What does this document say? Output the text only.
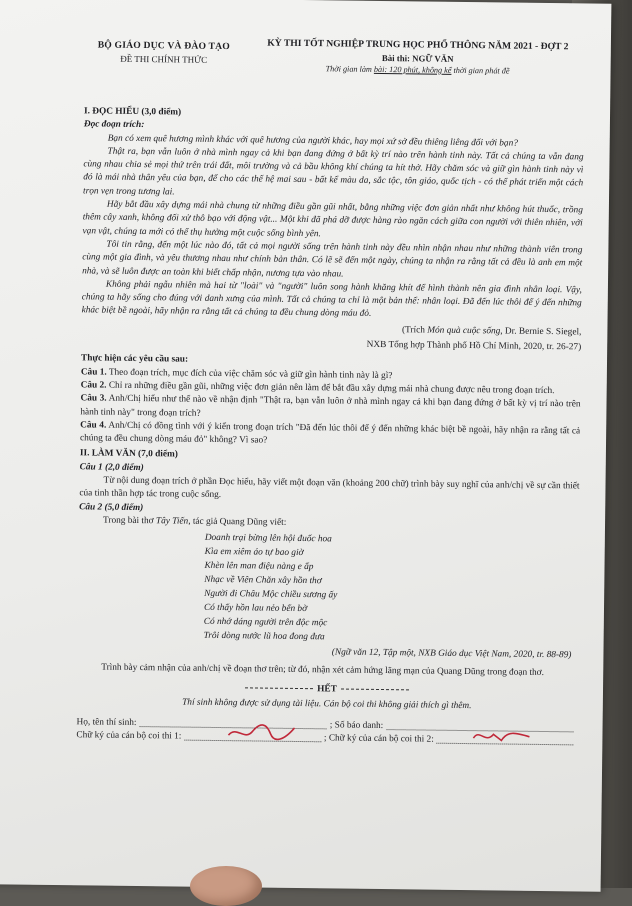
BỘ GIÁO DỤC VÀ ĐÀO TẠO
ĐỀ THI CHÍNH THỨC
KỲ THI TỐT NGHIỆP TRUNG HỌC PHỔ THÔNG NĂM 2021 - ĐỢT 2
Bài thi: NGỮ VĂN
Thời gian làm bài: 120 phút, không kể thời gian phát đề
I. ĐỌC HIỂU (3,0 điểm)
Đọc đoạn trích:

Bạn có xem quê hương mình khác với quê hương của người khác, hay mọi xứ sở đều thiêng liêng đối với bạn?

Thật ra, bạn vẫn luôn ở nhà mình ngay cả khi bạn đang đứng ở bất kỳ trí nào trên hành tinh này. Tất cả chúng ta vẫn đang cùng nhau chia sẻ mọi thứ trên trái đất, môi trường và cả bầu không khí chúng ta hít thở. Hãy chăm sóc và giữ gìn hành tinh này vì đó là mái nhà thân yêu của bạn, để cho các thế hệ mai sau - bất kể màu da, sắc tộc, tôn giáo, quốc tịch - có thể phát triển một cách trọn vẹn trong tương lai.

Hãy bắt đầu xây dựng mái nhà chung từ những điều gần gũi nhất, bằng những việc đơn giản nhất như không hút thuốc, trồng thêm cây xanh, không đối xử thô bạo với động vật... Một khi đã phá dỡ được hàng rào ngăn cách giữa con người với thiên nhiên, với vạn vật, chúng ta mới có thể thụ hưởng một cuộc sống bình yên.

Tôi tin rằng, đến một lúc nào đó, tất cả mọi người sống trên hành tinh này đều nhìn nhận nhau như những thành viên trong cùng một gia đình, và yêu thương nhau như chính bản thân. Có lẽ sẽ đến một ngày, chúng ta nhận ra rằng tất cả đều là anh em một nhà, và sẽ luôn được an toàn khi biết chấp nhận, nương tựa vào nhau.

Không phải ngẫu nhiên mà hai từ "loài" và "người" luôn song hành khăng khít để hình thành nên gia đình nhân loại. Vậy, chúng ta hãy sống cho đúng với danh xưng của mình. Tất cả chúng ta chỉ là một bản thể: nhân loại. Đã đến lúc thôi để ý đến những khác biệt bề ngoài, hãy nhận ra rằng tất cả chúng ta đều chung dòng máu đỏ.

(Trích Món quà cuộc sống, Dr. Bernie S. Siegel,
NXB Tổng hợp Thành phố Hồ Chí Minh, 2020, tr. 26-27)
Thực hiện các yêu cầu sau:

Câu 1. Theo đoạn trích, mục đích của việc chăm sóc và giữ gìn hành tinh này là gì?

Câu 2. Chỉ ra những điều gần gũi, những việc đơn giản nên làm để bắt đầu xây dựng mái nhà chung được nêu trong đoạn trích.

Câu 3. Anh/Chị hiểu như thế nào về nhận định "Thật ra, bạn vẫn luôn ở nhà mình ngay cả khi bạn đang đứng ở bất kỳ vị trí nào trên hành tinh này" trong đoạn trích?

Câu 4. Anh/Chị có đồng tình với ý kiến trong đoạn trích "Đã đến lúc thôi để ý đến những khác biệt bề ngoài, hãy nhận ra rằng tất cả chúng ta đều chung dòng máu đỏ" không? Vì sao?

II. LÀM VĂN (7,0 điểm)
Câu 1 (2,0 điểm)

Từ nội dung đoạn trích ở phần Đọc hiểu, hãy viết một đoạn văn (khoảng 200 chữ) trình bày suy nghĩ của anh/chị về sự cần thiết của tinh thần hợp tác trong cuộc sống.

Câu 2 (5,0 điểm)

Trong bài thơ Tây Tiến, tác giả Quang Dũng viết:

Doanh trại bừng lên hội đuốc hoa
Kìa em xiêm áo tự bao giờ
Khèn lên man điệu nàng e ấp
Nhạc về Viên Chăn xây hồn thơ
Người đi Châu Mộc chiều sương ấy
Có thấy hồn lau nẻo bến bờ
Có nhớ dáng người trên độc mộc
Trôi dòng nước lũ hoa đong đưa
(Ngữ văn 12, Tập một, NXB Giáo dục Việt Nam, 2020, tr. 88-89)

Trình bày cảm nhận của anh/chị về đoạn thơ trên; từ đó, nhận xét cảm hứng lãng mạn của Quang Dũng trong đoạn thơ.

HẾT
Thí sinh không được sử dụng tài liệu. Cán bộ coi thi không giải thích gì thêm.
Họ, tên thí sinh:	; Số báo danh:
Chữ ký của cán bộ coi thi 1:	; Chữ ký của cán bộ coi thi 2:
